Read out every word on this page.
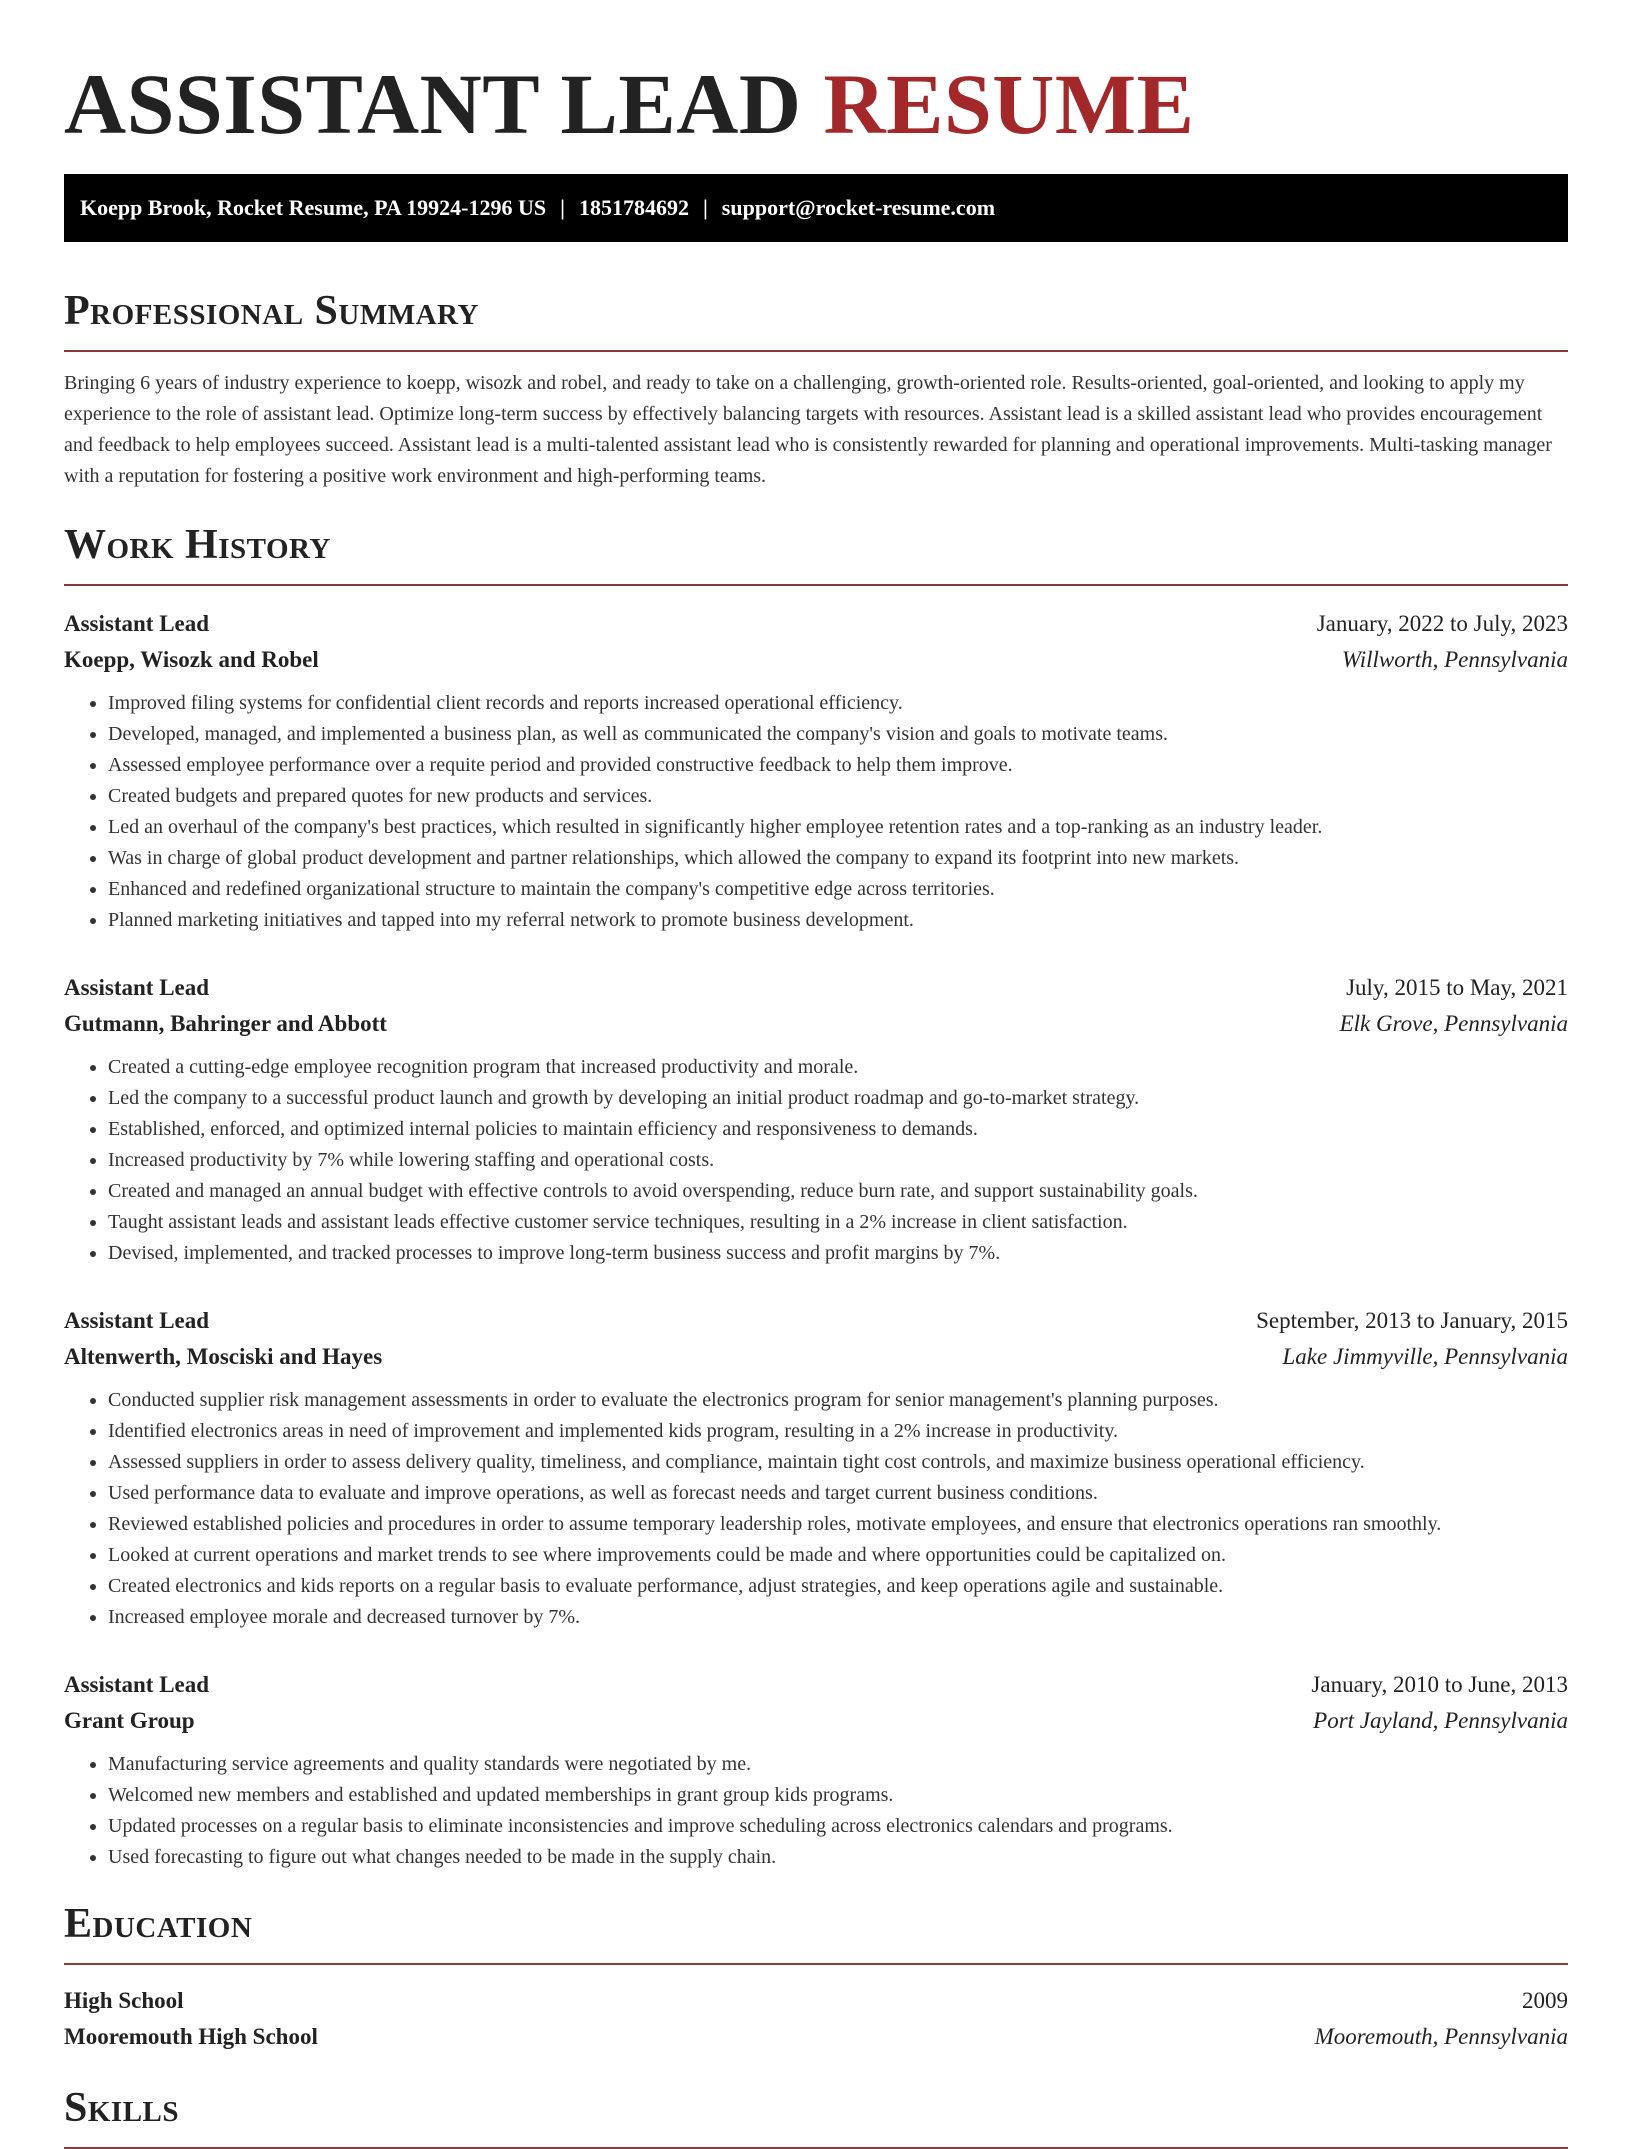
ASSISTANT LEAD RESUME
Koepp Brook, Rocket Resume, PA 19924-1296 US | 1851784692 | support@rocket-resume.com
Professional Summary

Bringing 6 years of industry experience to koepp, wisozk and robel, and ready to take on a challenging, growth-oriented role. Results-oriented, goal-oriented, and looking to apply my experience to the role of assistant lead. Optimize long-term success by effectively balancing targets with resources. Assistant lead is a skilled assistant lead who provides encouragement and feedback to help employees succeed. Assistant lead is a multi-talented assistant lead who is consistently rewarded for planning and operational improvements. Multi-tasking manager with a reputation for fostering a positive work environment and high-performing teams.

Work History
Assistant Lead	January, 2022 to July, 2023
Koepp, Wisozk and Robel	Willworth, Pennsylvania
• Improved filing systems for confidential client records and reports increased operational efficiency.
• Developed, managed, and implemented a business plan, as well as communicated the company's vision and goals to motivate teams.
• Assessed employee performance over a requite period and provided constructive feedback to help them improve.
• Created budgets and prepared quotes for new products and services.
• Led an overhaul of the company's best practices, which resulted in significantly higher employee retention rates and a top-ranking as an industry leader.
• Was in charge of global product development and partner relationships, which allowed the company to expand its footprint into new markets.
• Enhanced and redefined organizational structure to maintain the company's competitive edge across territories.
• Planned marketing initiatives and tapped into my referral network to promote business development.
Assistant Lead	July, 2015 to May, 2021
Gutmann, Bahringer and Abbott	Elk Grove, Pennsylvania
• Created a cutting-edge employee recognition program that increased productivity and morale.
• Led the company to a successful product launch and growth by developing an initial product roadmap and go-to-market strategy.
• Established, enforced, and optimized internal policies to maintain efficiency and responsiveness to demands.
• Increased productivity by 7% while lowering staffing and operational costs.
• Created and managed an annual budget with effective controls to avoid overspending, reduce burn rate, and support sustainability goals.
• Taught assistant leads and assistant leads effective customer service techniques, resulting in a 2% increase in client satisfaction.
• Devised, implemented, and tracked processes to improve long-term business success and profit margins by 7%.
Assistant Lead	September, 2013 to January, 2015
Altenwerth, Mosciski and Hayes	Lake Jimmyville, Pennsylvania
• Conducted supplier risk management assessments in order to evaluate the electronics program for senior management's planning purposes.
• Identified electronics areas in need of improvement and implemented kids program, resulting in a 2% increase in productivity.
• Assessed suppliers in order to assess delivery quality, timeliness, and compliance, maintain tight cost controls, and maximize business operational efficiency.
• Used performance data to evaluate and improve operations, as well as forecast needs and target current business conditions.
• Reviewed established policies and procedures in order to assume temporary leadership roles, motivate employees, and ensure that electronics operations ran smoothly.
• Looked at current operations and market trends to see where improvements could be made and where opportunities could be capitalized on.
• Created electronics and kids reports on a regular basis to evaluate performance, adjust strategies, and keep operations agile and sustainable.
• Increased employee morale and decreased turnover by 7%.
Assistant Lead	January, 2010 to June, 2013
Grant Group	Port Jayland, Pennsylvania
• Manufacturing service agreements and quality standards were negotiated by me.
• Welcomed new members and established and updated memberships in grant group kids programs.
• Updated processes on a regular basis to eliminate inconsistencies and improve scheduling across electronics calendars and programs.
• Used forecasting to figure out what changes needed to be made in the supply chain.
Education
High School	2009
Mooremouth High School	Mooremouth, Pennsylvania
Skills
